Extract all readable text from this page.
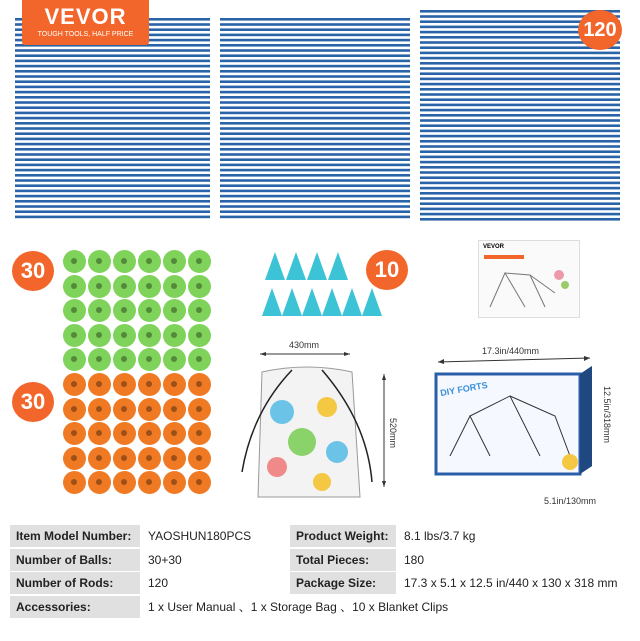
VEVOR
TOUGH TOOLS, HALF PRICE	120
30
30
10
VEVOR
430mm
520mm
17.3in/440mm
DIY FORTS	12.5in/318mm
5.1in/130mm
Item Model Number:	YAOSHUN180PCS	Product Weight:	8.1 lbs/3.7 kg
Number of Balls:	30+30	Total Pieces:	180
Number of Rods:	120	Package Size:	17.3 x 5.1 x 12.5 in/440 x 130 x 318 mm
Accessories:	1 x User Manual 、1 x Storage Bag 、10 x Blanket Clips
